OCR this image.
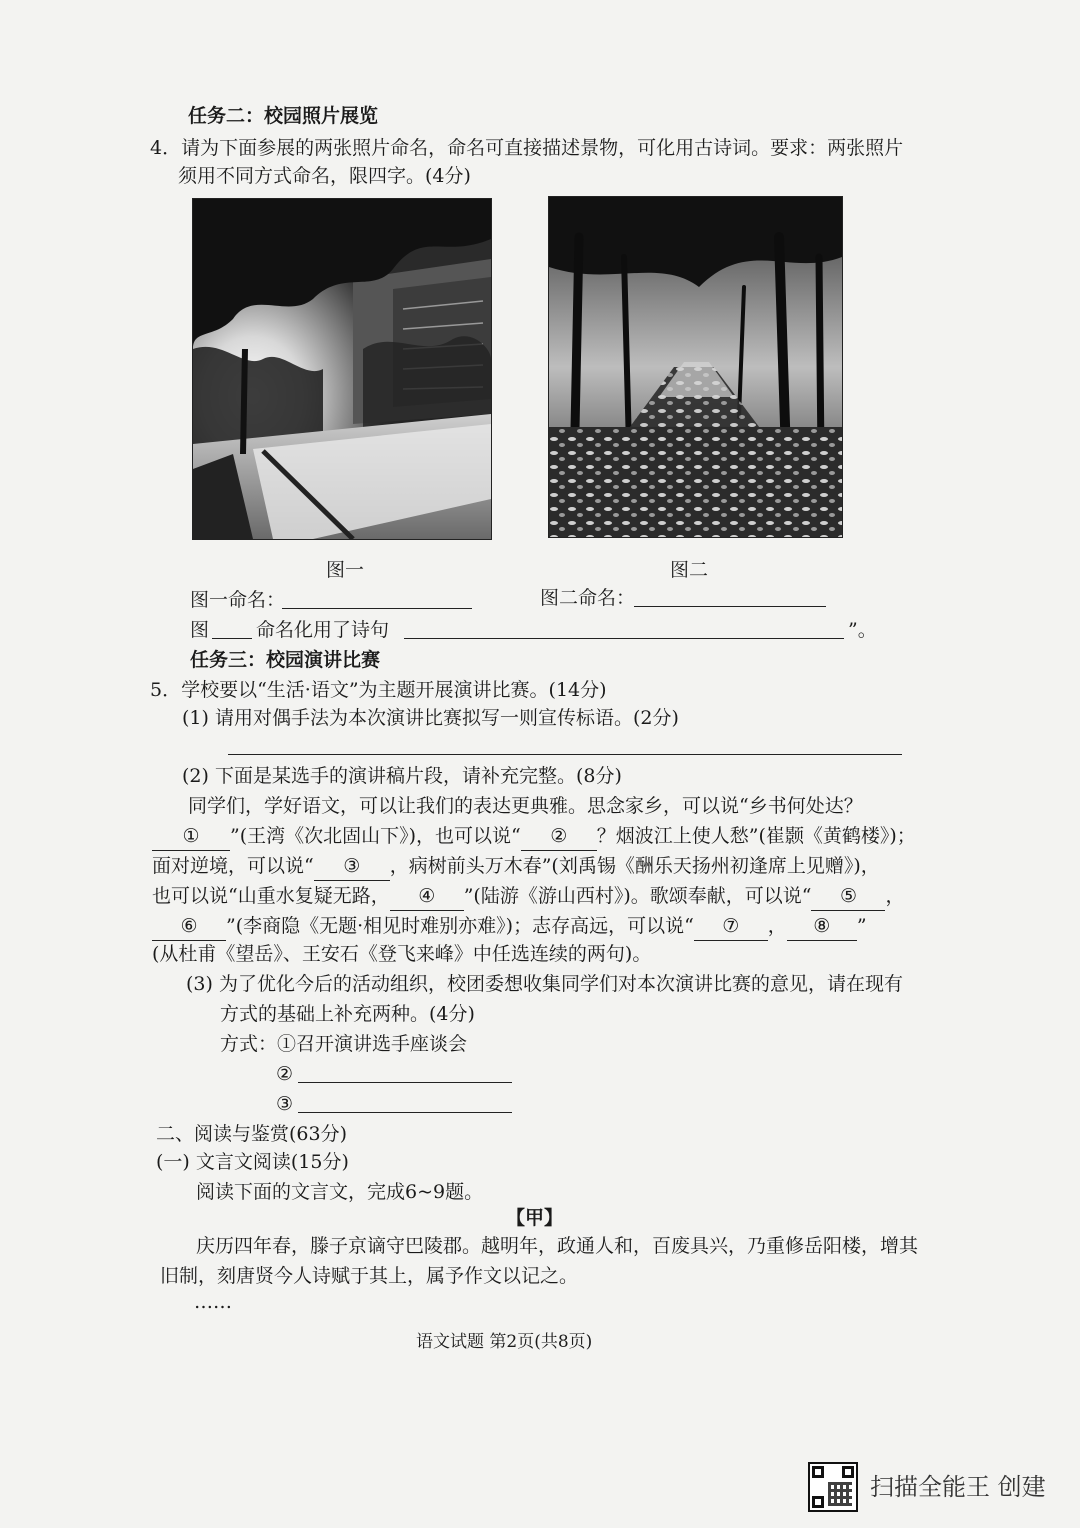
任务二：校园照片展览
4．请为下面参展的两张照片命名，命名可直接描述景物，可化用古诗词。要求：两张照片
须用不同方式命名，限四字。(4分)
图一	图二
图一命名：	图二命名：
图 命名化用了诗句	”。
任务三：校园演讲比赛
5．学校要以“生活·语文”为主题开展演讲比赛。(14分)
(1) 请用对偶手法为本次演讲比赛拟写一则宣传标语。(2分)
(2) 下面是某选手的演讲稿片段，请补充完整。(8分)
同学们，学好语文，可以让我们的表达更典雅。思念家乡，可以说“乡书何处达？
① ”(王湾《次北固山下》)，也可以说“ ② ？烟波江上使人愁”(崔颢《黄鹤楼》)；
面对逆境，可以说“ ③ ，病树前头万木春”(刘禹锡《酬乐天扬州初逢席上见赠》)，
也可以说“山重水复疑无路， ④ ”(陆游《游山西村》)。歌颂奉献，可以说“ ⑤ ，
⑥ ”(李商隐《无题·相见时难别亦难》)；志存高远，可以说“ ⑦ ， ⑧ ”
(从杜甫《望岳》、王安石《登飞来峰》中任选连续的两句)。
(3) 为了优化今后的活动组织，校团委想收集同学们对本次演讲比赛的意见，请在现有
方式的基础上补充两种。(4分)
方式：①召开演讲选手座谈会
②
③
二、阅读与鉴赏(63分)
(一) 文言文阅读(15分)
阅读下面的文言文，完成6~9题。
【甲】
庆历四年春，滕子京谪守巴陵郡。越明年，政通人和，百废具兴，乃重修岳阳楼，增其
旧制，刻唐贤今人诗赋于其上，属予作文以记之。
……
语文试题 第2页(共8页)
扫描全能王 创建
